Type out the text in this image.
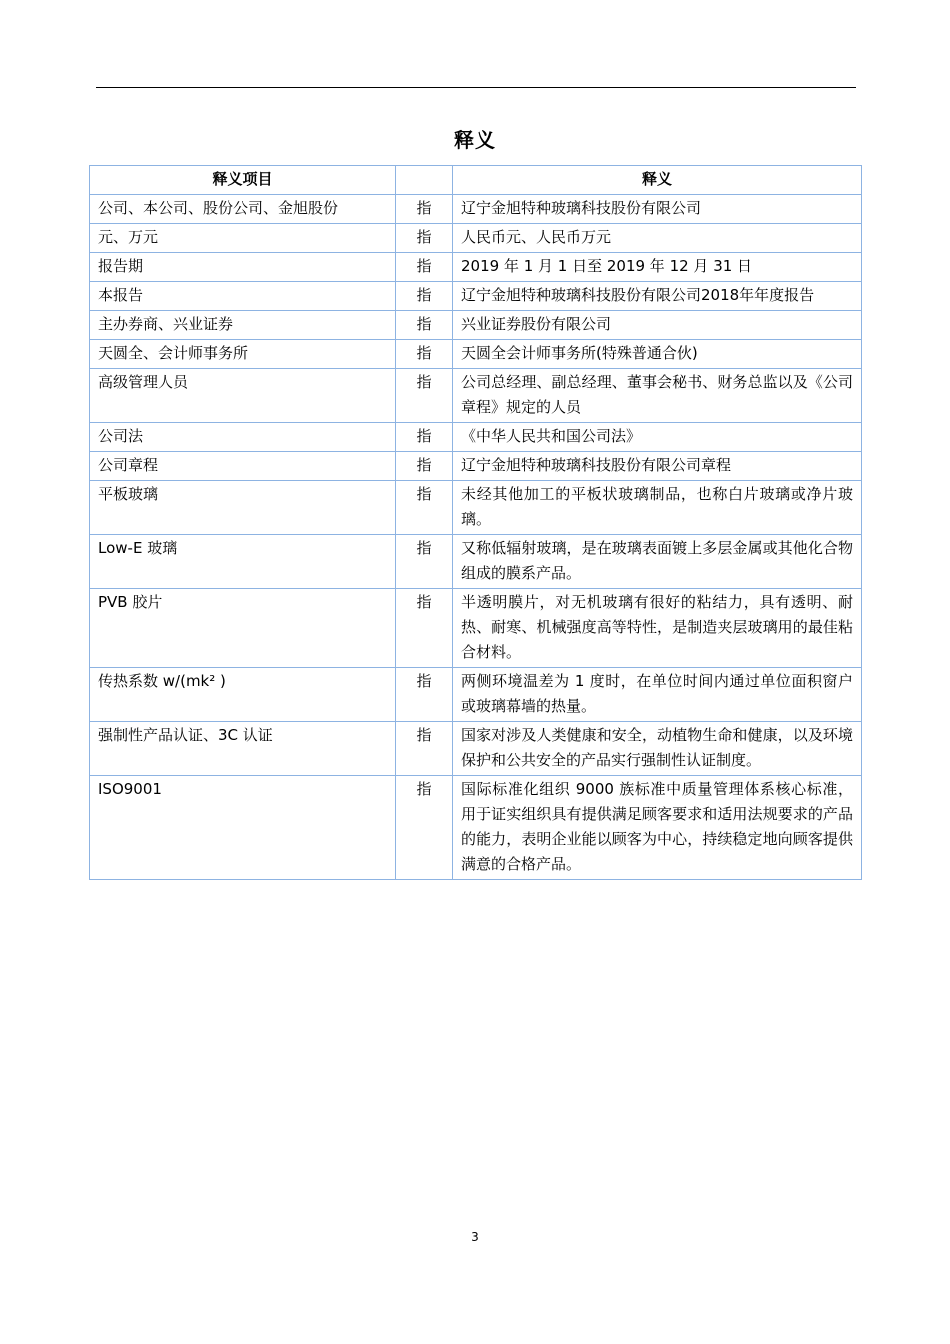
释义
释义项目		释义
公司、本公司、股份公司、金旭股份	指	辽宁金旭特种玻璃科技股份有限公司
元、万元	指	人民币元、人民币万元
报告期	指	2019 年 1 月 1 日至 2019 年 12 月 31 日
本报告	指	辽宁金旭特种玻璃科技股份有限公司2018年年度报告
主办券商、兴业证券	指	兴业证券股份有限公司
天圆全、会计师事务所	指	天圆全会计师事务所(特殊普通合伙)
高级管理人员	指	公司总经理、副总经理、董事会秘书、财务总监以及《公司章程》规定的人员
公司法	指	《中华人民共和国公司法》
公司章程	指	辽宁金旭特种玻璃科技股份有限公司章程
平板玻璃	指	未经其他加工的平板状玻璃制品，也称白片玻璃或净片玻璃。
Low-E 玻璃	指	又称低辐射玻璃，是在玻璃表面镀上多层金属或其他化合物组成的膜系产品。
PVB 胶片	指	半透明膜片，对无机玻璃有很好的粘结力，具有透明、耐热、耐寒、机械强度高等特性，是制造夹层玻璃用的最佳粘合材料。
传热系数 w/(mk² )	指	两侧环境温差为 1 度时，在单位时间内通过单位面积窗户或玻璃幕墙的热量。
强制性产品认证、3C 认证	指	国家对涉及人类健康和安全，动植物生命和健康，以及环境保护和公共安全的产品实行强制性认证制度。
ISO9001	指	国际标准化组织 9000 族标准中质量管理体系核心标准，用于证实组织具有提供满足顾客要求和适用法规要求的产品的能力，表明企业能以顾客为中心，持续稳定地向顾客提供满意的合格产品。
3
